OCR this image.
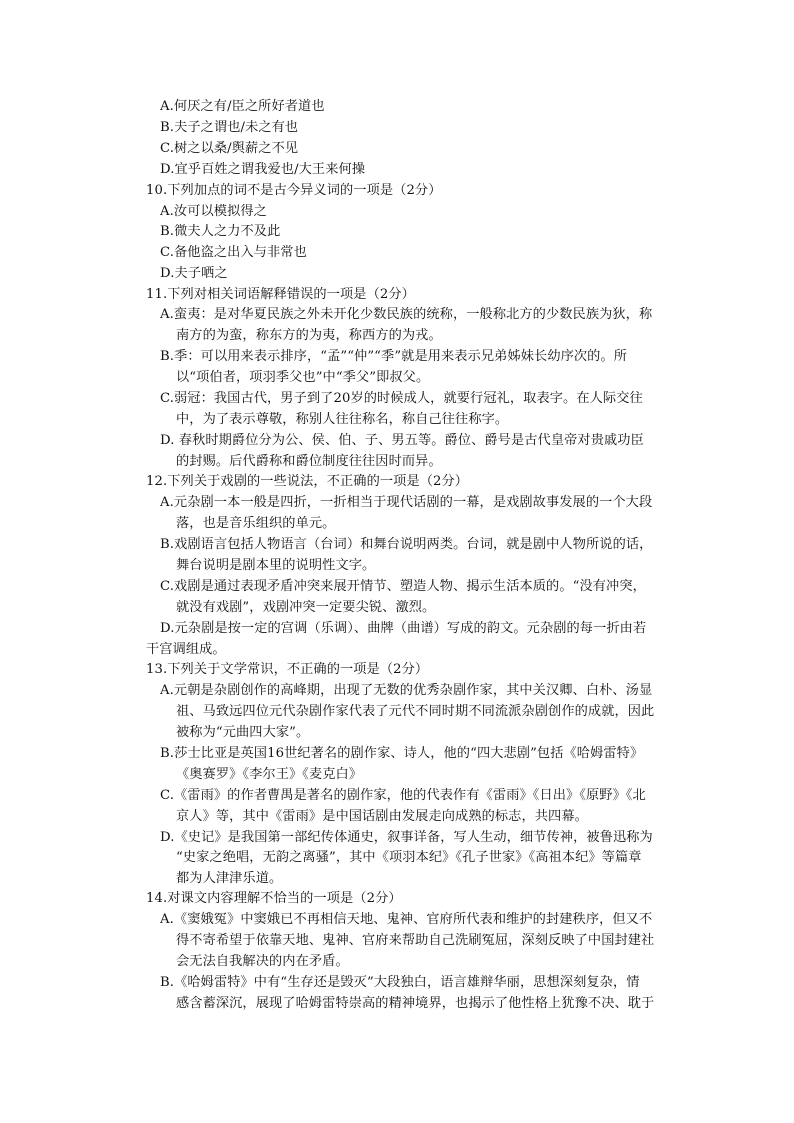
A.何厌之有/臣之所好者道也
B.夫子之谓也/未之有也
C.树之以桑/舆薪之不见
D.宜乎百姓之谓我爱也/大王来何操
10.下列加点的词不是古今异义词的一项是（2分）
A.汝可以模拟得之
B.微夫人之力不及此
C.备他盗之出入与非常也
D.夫子哂之
11.下列对相关词语解释错误的一项是（2分）
A.蛮夷：是对华夏民族之外未开化少数民族的统称，一般称北方的少数民族为狄，称
南方的为蛮，称东方的为夷，称西方的为戎。
B.季：可以用来表示排序，“孟”“仲”“季”就是用来表示兄弟姊妹长幼序次的。所
以“项伯者，项羽季父也”中“季父”即叔父。
C.弱冠：我国古代，男子到了20岁的时候成人，就要行冠礼，取表字。在人际交往
中，为了表示尊敬，称别人往往称名，称自己往往称字。
D. 春秋时期爵位分为公、侯、伯、子、男五等。爵位、爵号是古代皇帝对贵戚功臣
的封赐。后代爵称和爵位制度往往因时而异。
12.下列关于戏剧的一些说法，不正确的一项是（2分）
A.元杂剧一本一般是四折，一折相当于现代话剧的一幕，是戏剧故事发展的一个大段
落，也是音乐组织的单元。
B.戏剧语言包括人物语言（台词）和舞台说明两类。台词，就是剧中人物所说的话，
舞台说明是剧本里的说明性文字。
C.戏剧是通过表现矛盾冲突来展开情节、塑造人物、揭示生活本质的。“没有冲突，
就没有戏剧”，戏剧冲突一定要尖锐、激烈。
D.元杂剧是按一定的宫调（乐调）、曲牌（曲谱）写成的韵文。元杂剧的每一折由若
干宫调组成。
13.下列关于文学常识，不正确的一项是（2分）
A.元朝是杂剧创作的高峰期，出现了无数的优秀杂剧作家，其中关汉卿、白朴、汤显
祖、马致远四位元代杂剧作家代表了元代不同时期不同流派杂剧创作的成就，因此
被称为“元曲四大家”。
B.莎士比亚是英国16世纪著名的剧作家、诗人，他的“四大悲剧”包括《哈姆雷特》
《奥赛罗》《李尔王》《麦克白》
C.《雷雨》的作者曹禺是著名的剧作家，他的代表作有《雷雨》《日出》《原野》《北
京人》等，其中《雷雨》是中国话剧由发展走向成熟的标志，共四幕。
D.《史记》是我国第一部纪传体通史，叙事详备，写人生动，细节传神，被鲁迅称为
“史家之绝唱，无韵之离骚”，其中《项羽本纪》《孔子世家》《高祖本纪》等篇章
都为人津津乐道。
14.对课文内容理解不恰当的一项是（2分）
A.《窦娥冤》中窦娥已不再相信天地、鬼神、官府所代表和维护的封建秩序，但又不
得不寄希望于依靠天地、鬼神、官府来帮助自己洗刷冤屈，深刻反映了中国封建社
会无法自我解决的内在矛盾。
B.《哈姆雷特》中有“生存还是毁灭”大段独白，语言雄辩华丽，思想深刻复杂，情
感含蓄深沉，展现了哈姆雷特崇高的精神境界，也揭示了他性格上犹豫不决、耽于
